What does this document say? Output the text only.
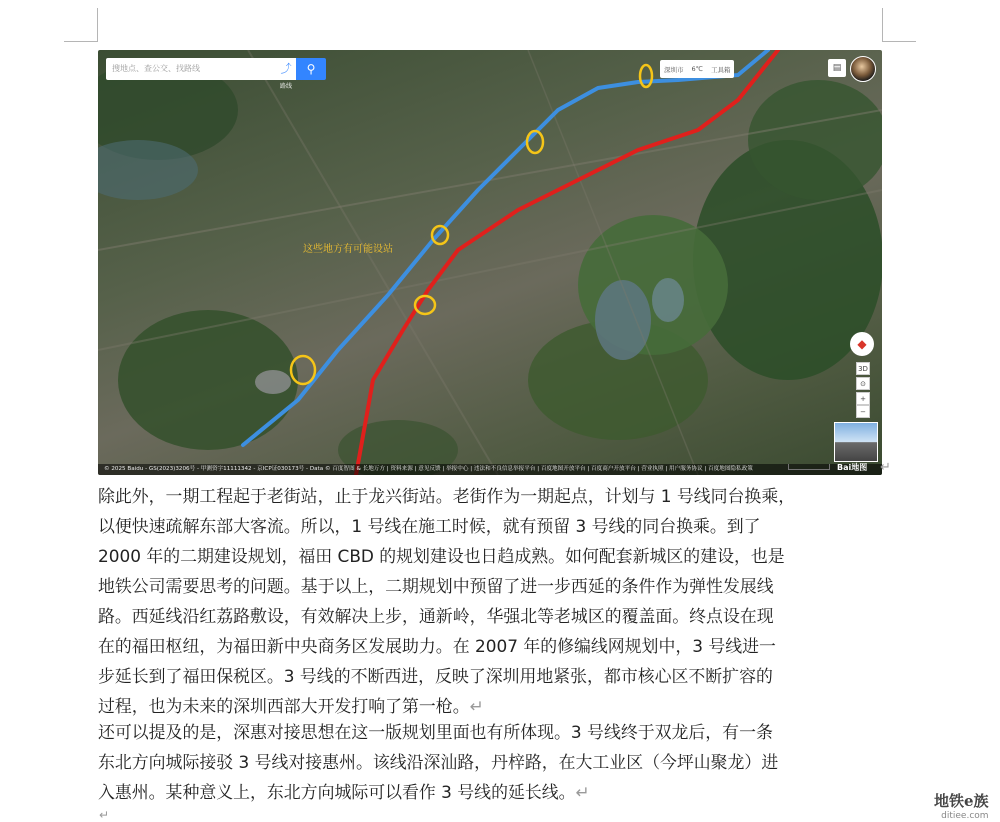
搜地点、查公交、找路线	⤴	⚲
路线
深圳市 6℃ 工具箱	▤
这些地方有可能设站
◆
3D
⊙
+
−
© 2025 Baidu - GS(2023)3206号 - 甲测资字11111342 - 京ICP证030173号 - Data © 百度智图 & 长地万方 | 资料来源 | 意见反馈 | 举报中心 | 违法和不良信息举报平台 | 百度地图开放平台 | 百度商户开放平台 | 营业执照 | 用户服务协议 | 百度地图隐私政策	Bai地图 ↵
除此外，一期工程起于老街站，止于龙兴街站。老街作为一期起点，计划与 1 号线同台换乘，
以便快速疏解东部大客流。所以，1 号线在施工时候，就有预留 3 号线的同台换乘。到了
2000 年的二期建设规划，福田 CBD 的规划建设也日趋成熟。如何配套新城区的建设，也是
地铁公司需要思考的问题。基于以上，二期规划中预留了进一步西延的条件作为弹性发展线
路。西延线沿红荔路敷设，有效解决上步，通新岭，华强北等老城区的覆盖面。终点设在现
在的福田枢纽，为福田新中央商务区发展助力。在 2007 年的修编线网规划中，3 号线进一
步延长到了福田保税区。3 号线的不断西进，反映了深圳用地紧张，都市核心区不断扩容的
过程，也为未来的深圳西部大开发打响了第一枪。↵
还可以提及的是，深惠对接思想在这一版规划里面也有所体现。3 号线终于双龙后，有一条
东北方向城际接驳 3 号线对接惠州。该线沿深汕路，丹梓路，在大工业区（今坪山聚龙）进
入惠州。某种意义上，东北方向城际可以看作 3 号线的延长线。↵
↵
地铁e族
ditiee.com
